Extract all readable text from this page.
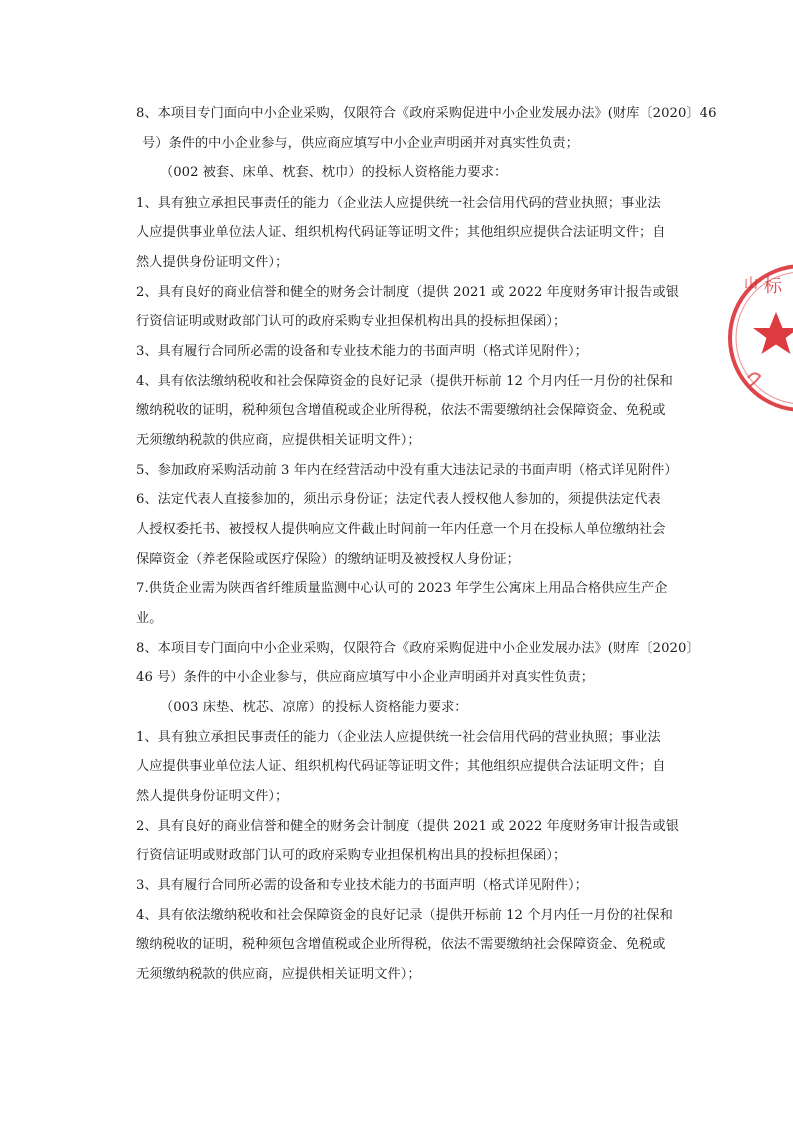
8、本项目专门面向中小企业采购，仅限符合《政府采购促进中小企业发展办法》(财库〔2020〕46
号）条件的中小企业参与，供应商应填写中小企业声明函并对真实性负责；
（002 被套、床单、枕套、枕巾）的投标人资格能力要求：
1、具有独立承担民事责任的能力（企业法人应提供统一社会信用代码的营业执照；事业法
人应提供事业单位法人证、组织机构代码证等证明文件；其他组织应提供合法证明文件；自
然人提供身份证明文件）；
2、具有良好的商业信誉和健全的财务会计制度（提供 2021 或 2022 年度财务审计报告或银
行资信证明或财政部门认可的政府采购专业担保机构出具的投标担保函）；
3、具有履行合同所必需的设备和专业技术能力的书面声明（格式详见附件）；
4、具有依法缴纳税收和社会保障资金的良好记录（提供开标前 12 个月内任一月份的社保和
缴纳税收的证明，税种须包含增值税或企业所得税，依法不需要缴纳社会保障资金、免税或
无须缴纳税款的供应商，应提供相关证明文件）；
5、参加政府采购活动前 3 年内在经营活动中没有重大违法记录的书面声明（格式详见附件）
6、法定代表人直接参加的，须出示身份证；法定代表人授权他人参加的，须提供法定代表
人授权委托书、被授权人提供响应文件截止时间前一年内任意一个月在投标人单位缴纳社会
保障资金（养老保险或医疗保险）的缴纳证明及被授权人身份证；
7.供货企业需为陕西省纤维质量监测中心认可的 2023 年学生公寓床上用品合格供应生产企
业。
8、本项目专门面向中小企业采购，仅限符合《政府采购促进中小企业发展办法》(财库〔2020〕
46 号）条件的中小企业参与，供应商应填写中小企业声明函并对真实性负责；
（003 床垫、枕芯、凉席）的投标人资格能力要求：
1、具有独立承担民事责任的能力（企业法人应提供统一社会信用代码的营业执照；事业法
人应提供事业单位法人证、组织机构代码证等证明文件；其他组织应提供合法证明文件；自
然人提供身份证明文件）；
2、具有良好的商业信誉和健全的财务会计制度（提供 2021 或 2022 年度财务审计报告或银
行资信证明或财政部门认可的政府采购专业担保机构出具的投标担保函）；
3、具有履行合同所必需的设备和专业技术能力的书面声明（格式详见附件）；
4、具有依法缴纳税收和社会保障资金的良好记录（提供开标前 12 个月内任一月份的社保和
缴纳税收的证明，税种须包含增值税或企业所得税，依法不需要缴纳社会保障资金、免税或
无须缴纳税款的供应商，应提供相关证明文件）；
标
山
